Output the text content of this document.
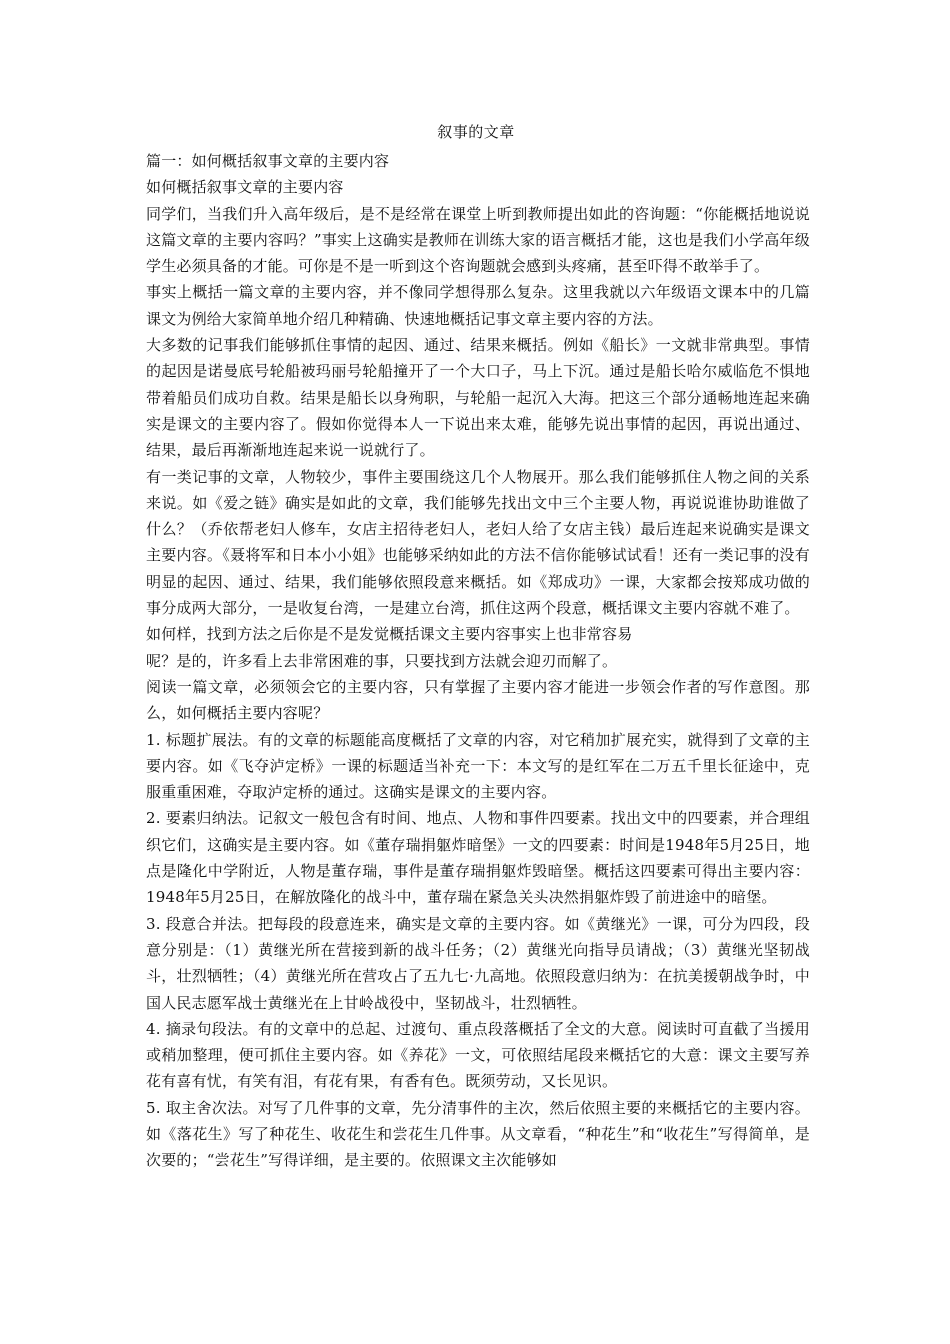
叙事的文章

篇一：如何概括叙事文章的主要内容

如何概括叙事文章的主要内容

同学们，当我们升入高年级后，是不是经常在课堂上听到教师提出如此的咨询题：“你能概括地说说这篇文章的主要内容吗？”事实上这确实是教师在训练大家的语言概括才能，这也是我们小学高年级学生必须具备的才能。可你是不是一听到这个咨询题就会感到头疼痛，甚至吓得不敢举手了。

事实上概括一篇文章的主要内容，并不像同学想得那么复杂。这里我就以六年级语文课本中的几篇课文为例给大家简单地介绍几种精确、快速地概括记事文章主要内容的方法。

大多数的记事我们能够抓住事情的起因、通过、结果来概括。例如《船长》一文就非常典型。事情的起因是诺曼底号轮船被玛丽号轮船撞开了一个大口子，马上下沉。通过是船长哈尔威临危不惧地带着船员们成功自救。结果是船长以身殉职，与轮船一起沉入大海。把这三个部分通畅地连起来确实是课文的主要内容了。假如你觉得本人一下说出来太难，能够先说出事情的起因，再说出通过、结果，最后再渐渐地连起来说一说就行了。

有一类记事的文章，人物较少，事件主要围绕这几个人物展开。那么我们能够抓住人物之间的关系来说。如《爱之链》确实是如此的文章，我们能够先找出文中三个主要人物，再说说谁协助谁做了什么？（乔依帮老妇人修车，女店主招待老妇人，老妇人给了女店主钱）最后连起来说确实是课文主要内容。《聂将军和日本小小姐》也能够采纳如此的方法不信你能够试试看！还有一类记事的没有明显的起因、通过、结果，我们能够依照段意来概括。如《郑成功》一课，大家都会按郑成功做的事分成两大部分，一是收复台湾，一是建立台湾，抓住这两个段意，概括课文主要内容就不难了。

如何样，找到方法之后你是不是发觉概括课文主要内容事实上也非常容易

呢？是的，许多看上去非常困难的事，只要找到方法就会迎刃而解了。

阅读一篇文章，必须领会它的主要内容，只有掌握了主要内容才能进一步领会作者的写作意图。那么，如何概括主要内容呢？

1. 标题扩展法。有的文章的标题能高度概括了文章的内容，对它稍加扩展充实，就得到了文章的主要内容。如《飞夺泸定桥》一课的标题适当补充一下：本文写的是红军在二万五千里长征途中，克服重重困难，夺取泸定桥的通过。这确实是课文的主要内容。

2. 要素归纳法。记叙文一般包含有时间、地点、人物和事件四要素。找出文中的四要素，并合理组织它们，这确实是主要内容。如《董存瑞捐躯炸暗堡》一文的四要素：时间是1948年5月25日，地点是隆化中学附近，人物是董存瑞，事件是董存瑞捐躯炸毁暗堡。概括这四要素可得出主要内容：1948年5月25日，在解放隆化的战斗中，董存瑞在紧急关头决然捐躯炸毁了前进途中的暗堡。

3. 段意合并法。把每段的段意连来，确实是文章的主要内容。如《黄继光》一课，可分为四段，段意分别是：（1）黄继光所在营接到新的战斗任务；（2）黄继光向指导员请战；（3）黄继光坚韧战斗，壮烈牺牲；（4）黄继光所在营攻占了五九七·九高地。依照段意归纳为：在抗美援朝战争时，中国人民志愿军战士黄继光在上甘岭战役中，坚韧战斗，壮烈牺牲。

4. 摘录句段法。有的文章中的总起、过渡句、重点段落概括了全文的大意。阅读时可直截了当援用或稍加整理，便可抓住主要内容。如《养花》一文，可依照结尾段来概括它的大意：课文主要写养花有喜有忧，有笑有泪，有花有果，有香有色。既须劳动，又长见识。

5. 取主舍次法。对写了几件事的文章，先分清事件的主次，然后依照主要的来概括它的主要内容。如《落花生》写了种花生、收花生和尝花生几件事。从文章看，“种花生”和“收花生”写得简单，是次要的；“尝花生”写得详细，是主要的。依照课文主次能够如
